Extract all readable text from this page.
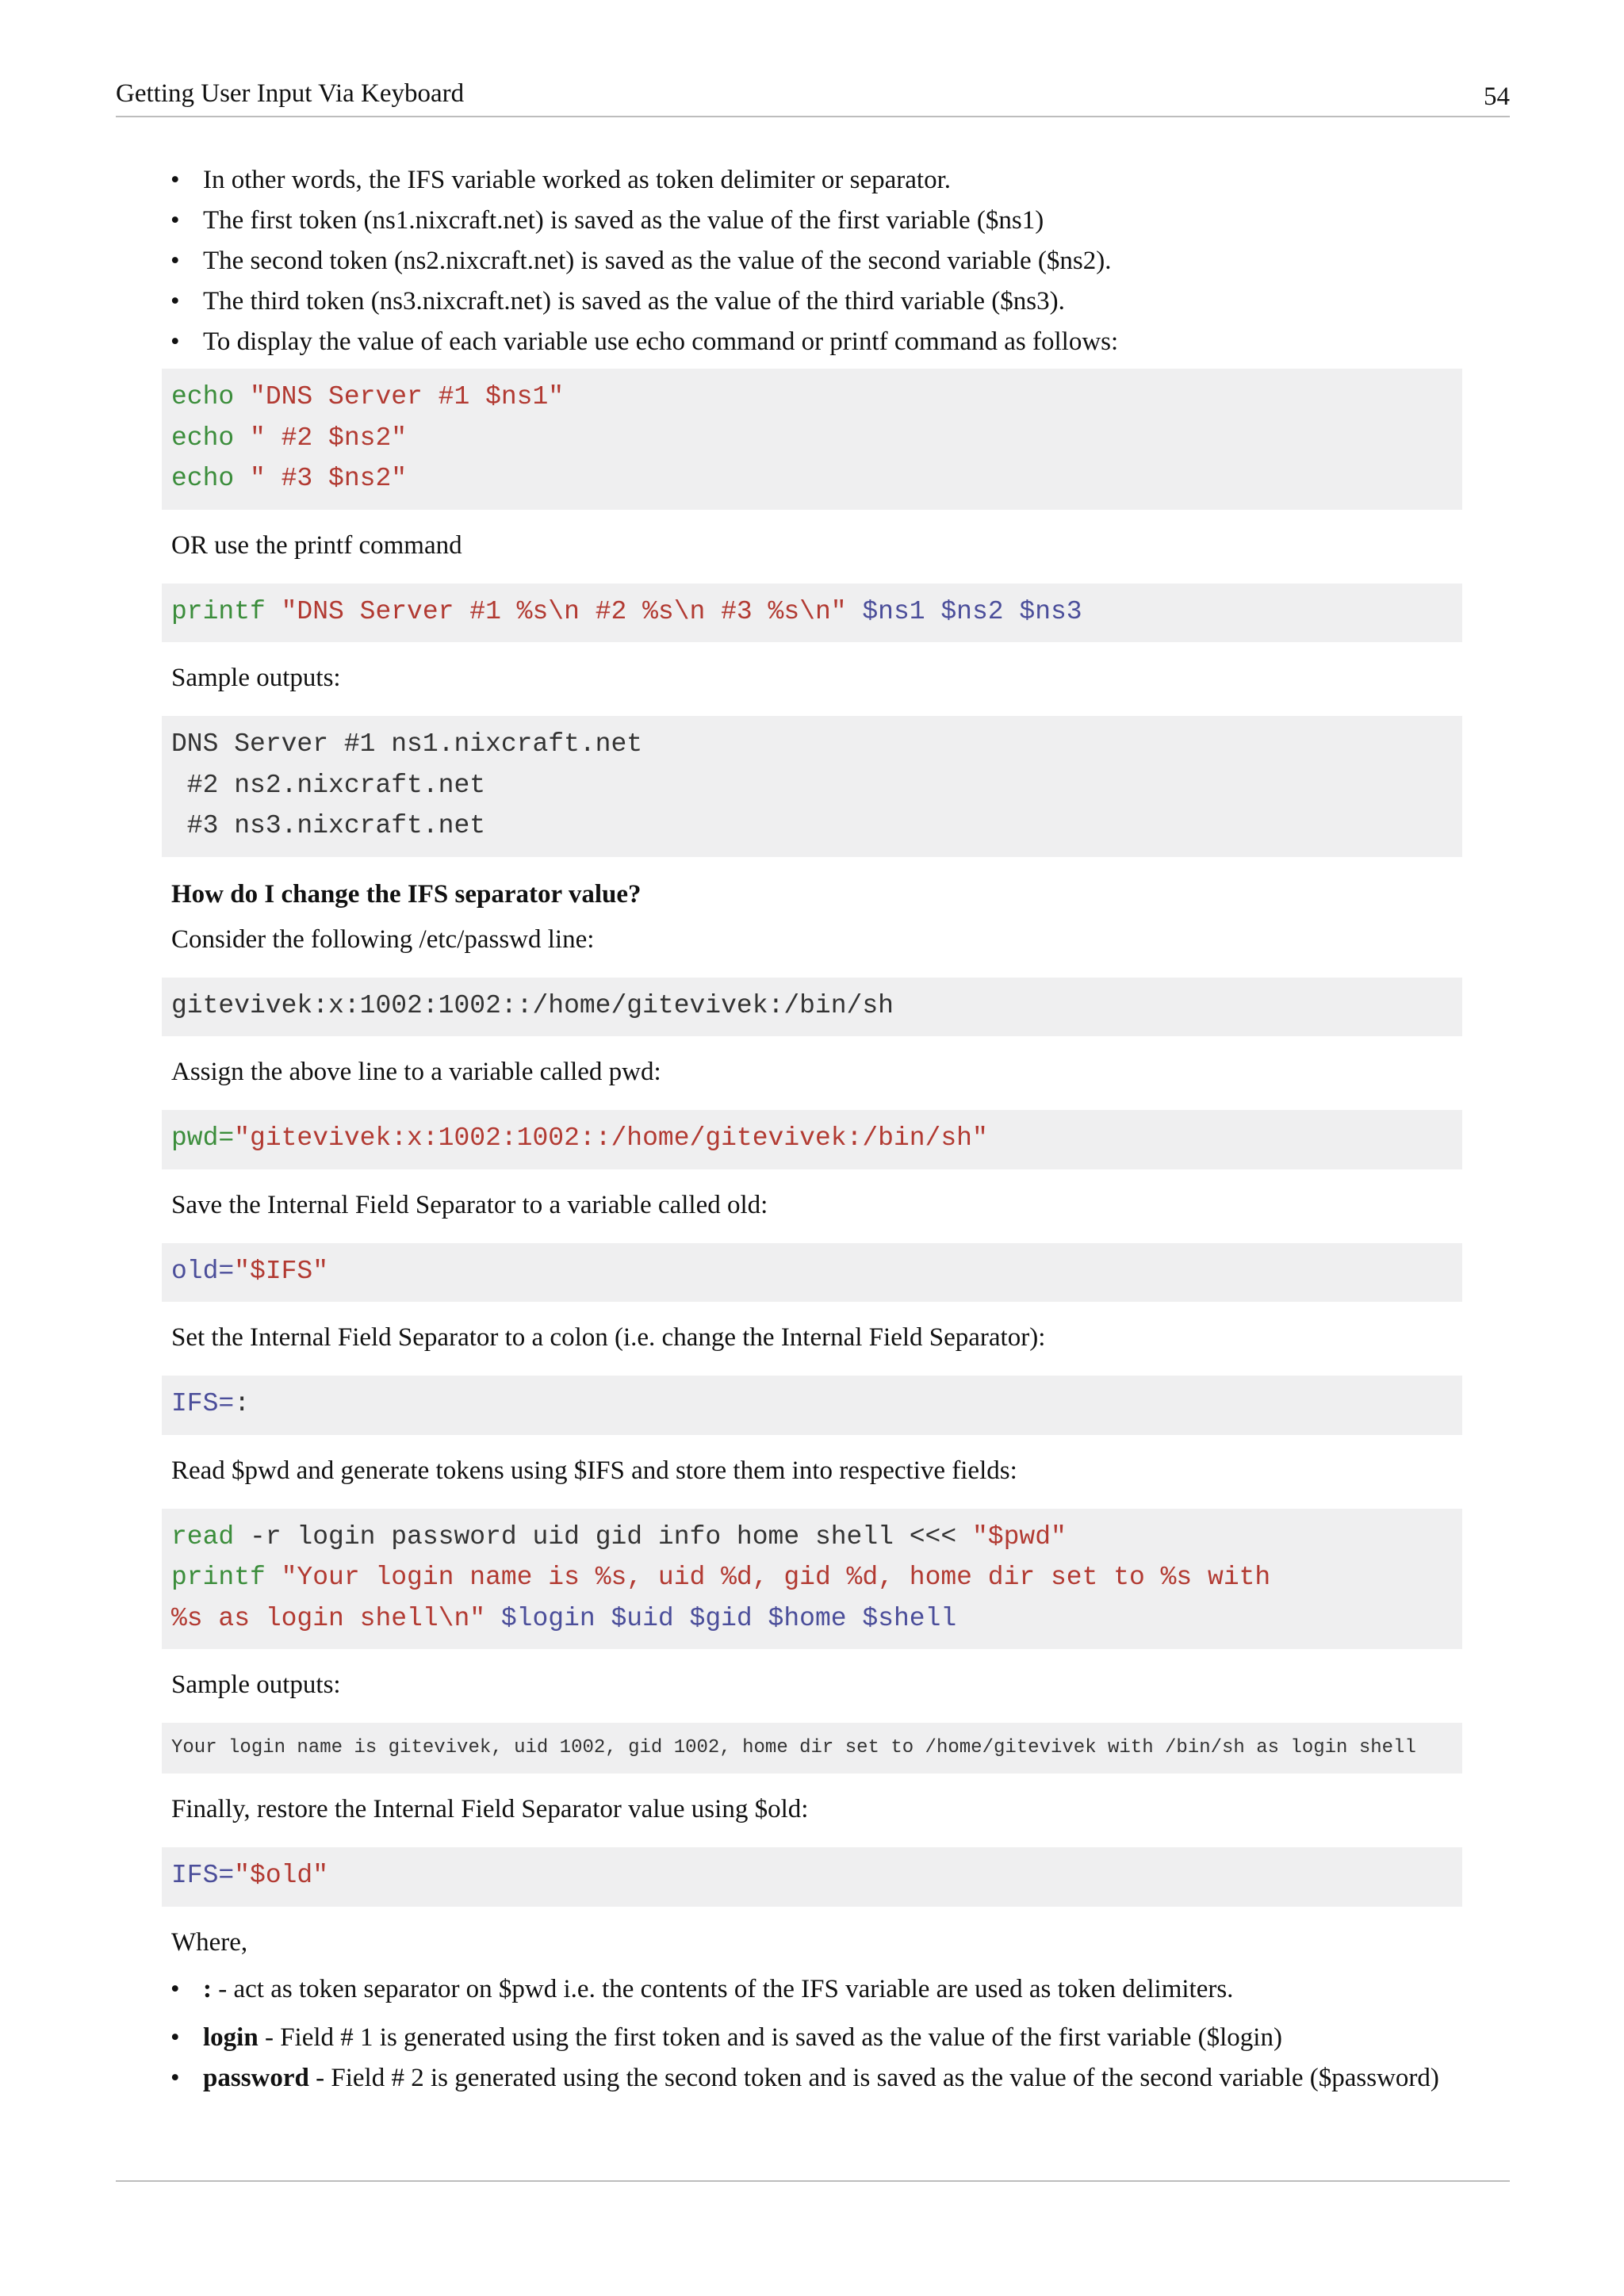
Getting User Input Via Keyboard	54
• In other words, the IFS variable worked as token delimiter or separator.
• The first token (ns1.nixcraft.net) is saved as the value of the first variable ($ns1)
• The second token (ns2.nixcraft.net) is saved as the value of the second variable ($ns2).
• The third token (ns3.nixcraft.net) is saved as the value of the third variable ($ns3).
• To display the value of each variable use echo command or printf command as follows:
echo "DNS Server #1 $ns1"
echo " #2 $ns2"
echo " #3 $ns2"
OR use the printf command
printf "DNS Server #1 %s\n #2 %s\n #3 %s\n" $ns1 $ns2 $ns3
Sample outputs:
DNS Server #1 ns1.nixcraft.net
#2 ns2.nixcraft.net
#3 ns3.nixcraft.net
How do I change the IFS separator value?
Consider the following /etc/passwd line:
gitevivek:x:1002:1002::/home/gitevivek:/bin/sh
Assign the above line to a variable called pwd:
pwd="gitevivek:x:1002:1002::/home/gitevivek:/bin/sh"
Save the Internal Field Separator to a variable called old:
old="$IFS"
Set the Internal Field Separator to a colon (i.e. change the Internal Field Separator):
IFS=:
Read $pwd and generate tokens using $IFS and store them into respective fields:
read -r login password uid gid info home shell <<< "$pwd"
printf "Your login name is %s, uid %d, gid %d, home dir set to %s with
%s as login shell\n" $login $uid $gid $home $shell
Sample outputs:
Your login name is gitevivek, uid 1002, gid 1002, home dir set to /home/gitevivek with /bin/sh as login shell
Finally, restore the Internal Field Separator value using $old:
IFS="$old"
Where,
• : - act as token separator on $pwd i.e. the contents of the IFS variable are used as token delimiters.
• login - Field # 1 is generated using the first token and is saved as the value of the first variable ($login)
• password - Field # 2 is generated using the second token and is saved as the value of the second variable ($password)
